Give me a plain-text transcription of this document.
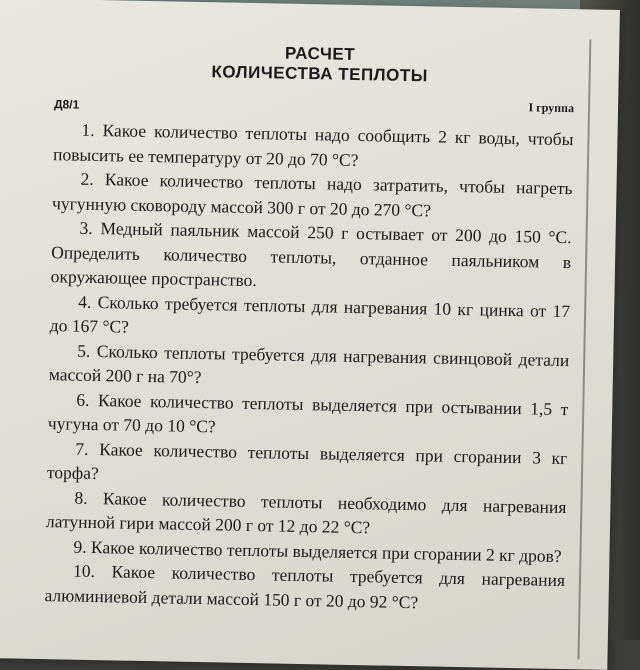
РАСЧЕТ
КОЛИЧЕСТВА ТЕПЛОТЫ
Д8/1	I группа

1. Какое количество теплоты надо сообщить 2 кг воды, чтобы повысить ее температуру от 20 до 70 °С?

2. Какое количество теплоты надо затратить, чтобы нагреть чугунную сковороду массой 300 г от 20 до 270 °С?

3. Медный паяльник массой 250 г остывает от 200 до 150 °С. Определить количество теплоты, отданное паяльником в окружающее пространство.

4. Сколько требуется теплоты для нагревания 10 кг цинка от 17 до 167 °С?

5. Сколько теплоты требуется для нагревания свинцовой детали массой 200 г на 70°?

6. Какое количество теплоты выделяется при остывании 1,5 т чугуна от 70 до 10 °С?

7. Какое количество теплоты выделяется при сгорании 3 кг торфа?

8. Какое количество теплоты необходимо для нагревания латунной гири массой 200 г от 12 до 22 °С?

9. Какое количество теплоты выделяется при сгорании 2 кг дров?

10. Какое количество теплоты требуется для нагревания алюминиевой детали массой 150 г от 20 до 92 °С?
